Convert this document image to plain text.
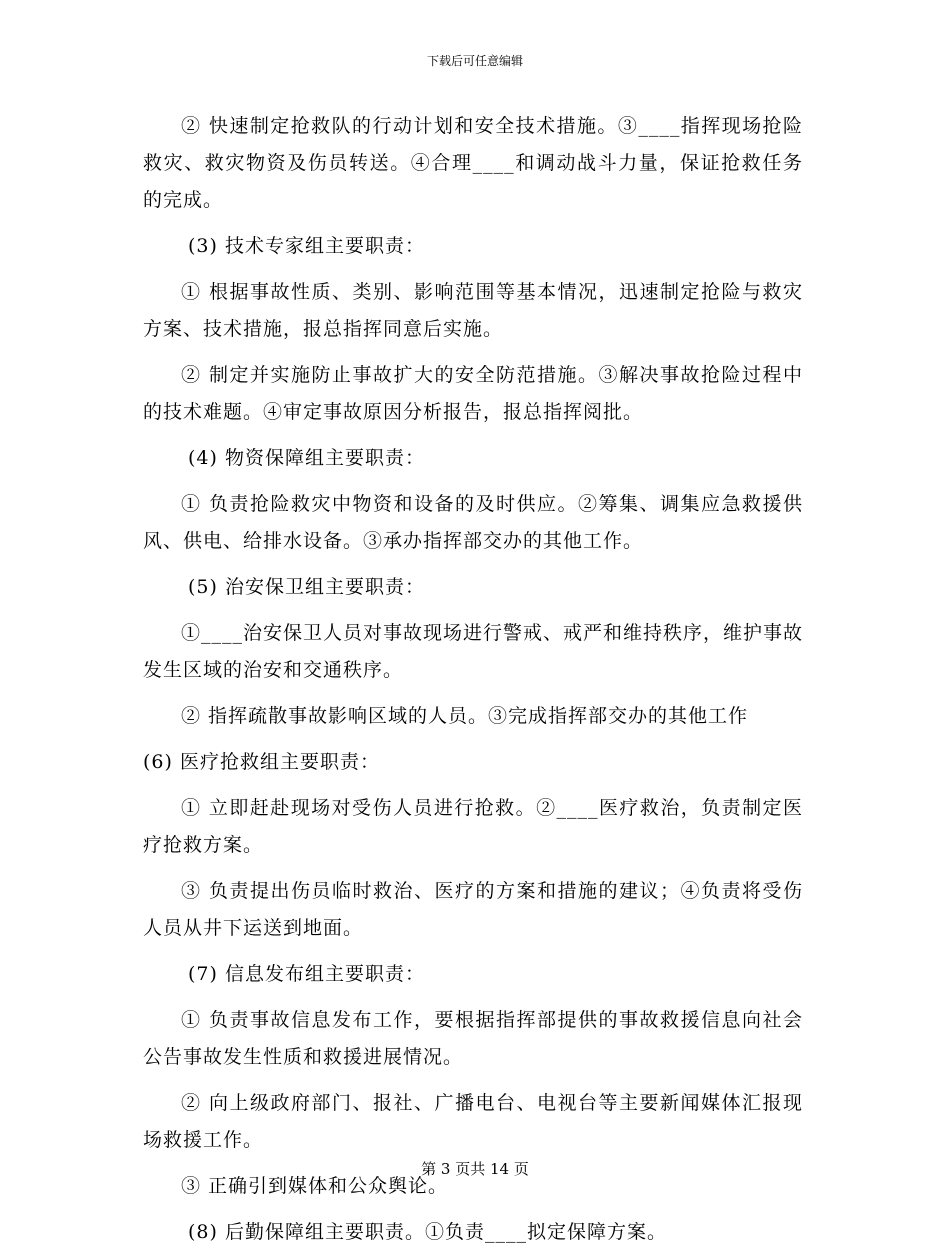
下载后可任意编辑

② 快速制定抢救队的行动计划和安全技术措施。③____指挥现场抢险救灾、救灾物资及伤员转送。④合理____和调动战斗力量，保证抢救任务的完成。

(3) 技术专家组主要职责：

① 根据事故性质、类别、影响范围等基本情况，迅速制定抢险与救灾方案、技术措施，报总指挥同意后实施。

② 制定并实施防止事故扩大的安全防范措施。③解决事故抢险过程中的技术难题。④审定事故原因分析报告，报总指挥阅批。

(4) 物资保障组主要职责：

① 负责抢险救灾中物资和设备的及时供应。②筹集、调集应急救援供风、供电、给排水设备。③承办指挥部交办的其他工作。

(5) 治安保卫组主要职责：

①____治安保卫人员对事故现场进行警戒、戒严和维持秩序，维护事故发生区域的治安和交通秩序。

② 指挥疏散事故影响区域的人员。③完成指挥部交办的其他工作

(6) 医疗抢救组主要职责：

① 立即赶赴现场对受伤人员进行抢救。②____医疗救治，负责制定医疗抢救方案。

③ 负责提出伤员临时救治、医疗的方案和措施的建议；④负责将受伤人员从井下运送到地面。

(7) 信息发布组主要职责：

① 负责事故信息发布工作，要根据指挥部提供的事故救援信息向社会公告事故发生性质和救援进展情况。

② 向上级政府部门、报社、广播电台、电视台等主要新闻媒体汇报现场救援工作。

③ 正确引到媒体和公众舆论。

(8) 后勤保障组主要职责。①负责____拟定保障方案。

第 3 页共 14 页
